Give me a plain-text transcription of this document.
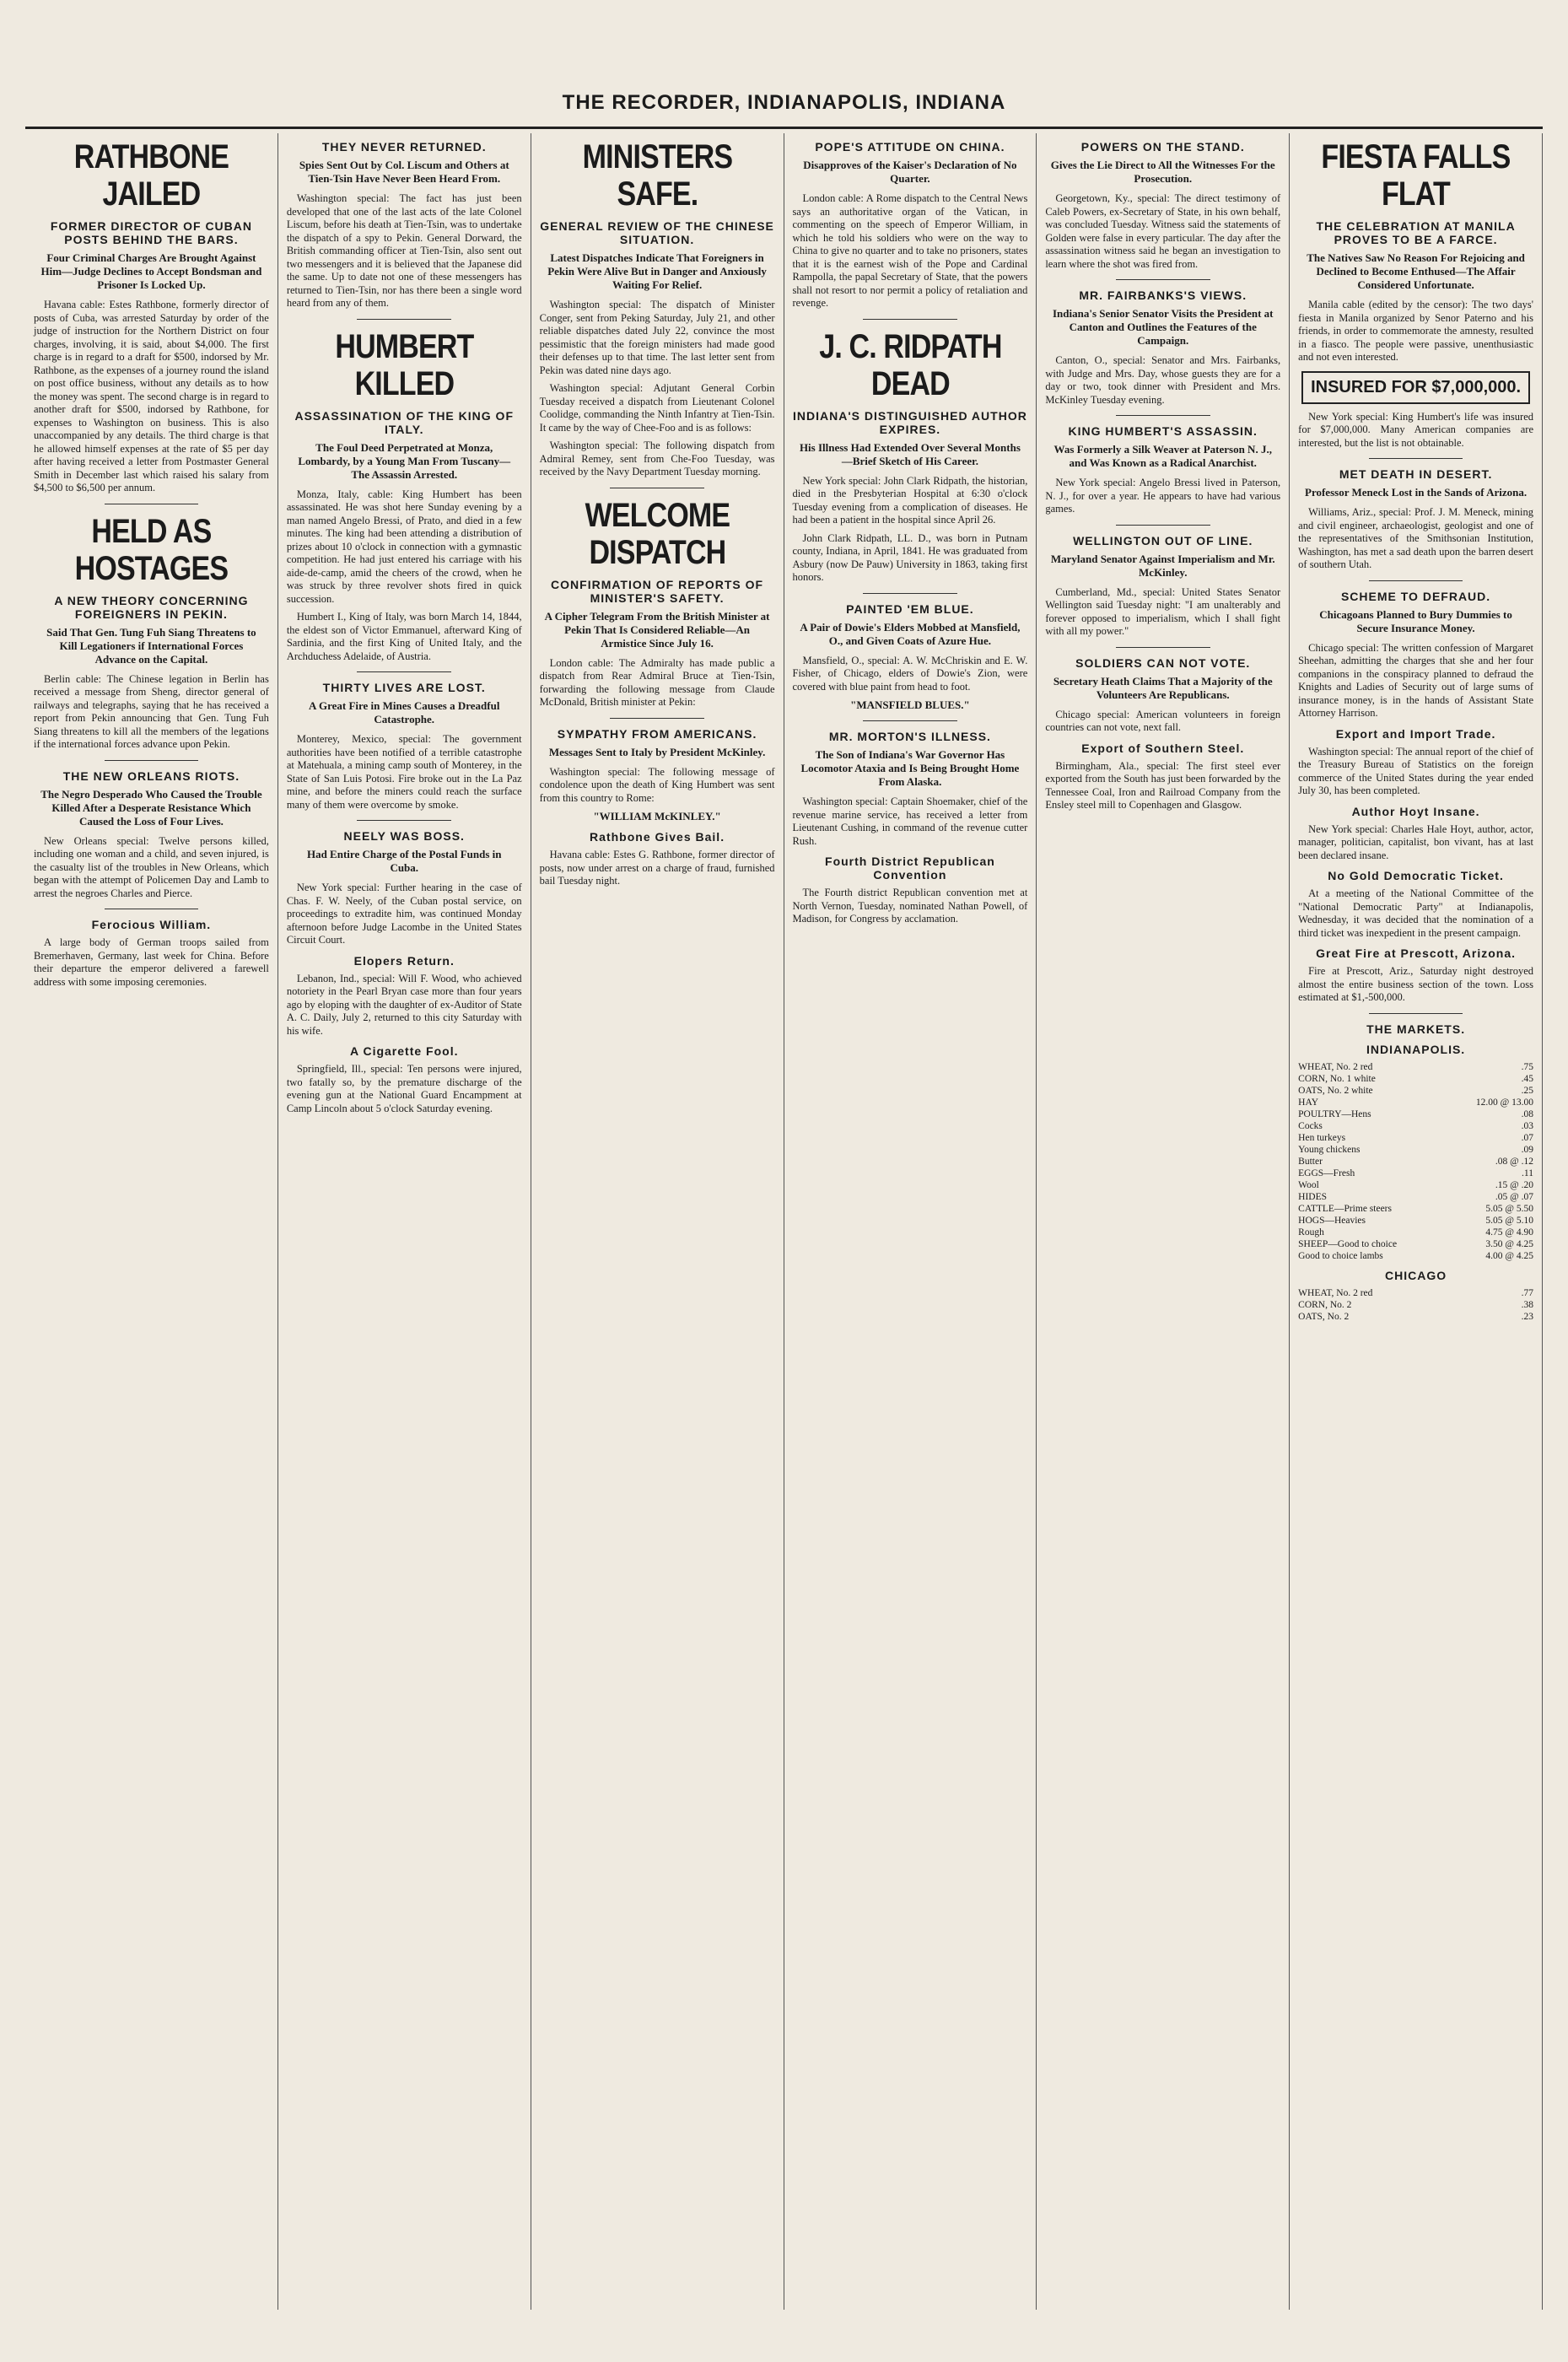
THE RECORDER, INDIANAPOLIS, INDIANA
RATHBONE JAILED
FORMER DIRECTOR OF CUBAN POSTS BEHIND THE BARS.
Four Criminal Charges Are Brought Against Him—Judge Declines to Accept Bondsman and Prisoner Is Locked Up.

Havana cable: Estes Rathbone, formerly director of posts of Cuba, was arrested Saturday by order of the judge of instruction for the Northern District on four charges, involving, it is said, about $4,000. The first charge is in regard to a draft for $500, indorsed by Mr. Rathbone, as the expenses of a journey round the island on post office business, without any details as to how the money was spent. The second charge is in regard to another draft for $500, indorsed by Rathbone, for expenses to Washington on business. This is also unaccompanied by any details. The third charge is that he allowed himself expenses at the rate of $5 per day after having received a letter from Postmaster General Smith in December last which raised his salary from $4,500 to $6,500 per annum.

HELD AS HOSTAGES
A NEW THEORY CONCERNING FOREIGNERS IN PEKIN.
Said That Gen. Tung Fuh Siang Threatens to Kill Legationers if International Forces Advance on the Capital.

Berlin cable: The Chinese legation in Berlin has received a message from Sheng, director general of railways and telegraphs, saying that he has received a report from Pekin announcing that Gen. Tung Fuh Siang threatens to kill all the members of the legations if the international forces advance upon Pekin.

THE NEW ORLEANS RIOTS.
The Negro Desperado Who Caused the Trouble Killed After a Desperate Resistance Which Caused the Loss of Four Lives.

New Orleans special: Twelve persons killed, including one woman and a child, and seven injured, is the casualty list of the troubles in New Orleans, which began with the attempt of Policemen Day and Lamb to arrest the negroes Charles and Pierce.

Ferocious William.

A large body of German troops sailed from Bremerhaven, Germany, last week for China. Before their departure the emperor delivered a farewell address with some imposing ceremonies.

THEY NEVER RETURNED.
Spies Sent Out by Col. Liscum and Others at Tien-Tsin Have Never Been Heard From.

Washington special: The fact has just been developed that one of the last acts of the late Colonel Liscum, before his death at Tien-Tsin, was to undertake the dispatch of a spy to Pekin. General Dorward, the British commanding officer at Tien-Tsin, also sent out two messengers and it is believed that the Japanese did the same. Up to date not one of these messengers has returned to Tien-Tsin, nor has there been a single word heard from any of them.

HUMBERT KILLED
ASSASSINATION OF THE KING OF ITALY.
The Foul Deed Perpetrated at Monza, Lombardy, by a Young Man From Tuscany—The Assassin Arrested.

Monza, Italy, cable: King Humbert has been assassinated. He was shot here Sunday evening by a man named Angelo Bressi, of Prato, and died in a few minutes. The king had been attending a distribution of prizes about 10 o'clock in connection with a gymnastic competition. He had just entered his carriage with his aide-de-camp, amid the cheers of the crowd, when he was struck by three revolver shots fired in quick succession.

Humbert I., King of Italy, was born March 14, 1844, the eldest son of Victor Emmanuel, afterward King of Sardinia, and the first King of United Italy, and the Archduchess Adelaide, of Austria.

THIRTY LIVES ARE LOST.
A Great Fire in Mines Causes a Dreadful Catastrophe.

Monterey, Mexico, special: The government authorities have been notified of a terrible catastrophe at Matehuala, a mining camp south of Monterey, in the State of San Luis Potosi. Fire broke out in the La Paz mine, and before the miners could reach the surface many of them were overcome by smoke.

NEELY WAS BOSS.
Had Entire Charge of the Postal Funds in Cuba.

New York special: Further hearing in the case of Chas. F. W. Neely, of the Cuban postal service, on proceedings to extradite him, was continued Monday afternoon before Judge Lacombe in the United States Circuit Court.

Elopers Return.

Lebanon, Ind., special: Will F. Wood, who achieved notoriety in the Pearl Bryan case more than four years ago by eloping with the daughter of ex-Auditor of State A. C. Daily, July 2, returned to this city Saturday with his wife.

A Cigarette Fool.

Springfield, Ill., special: Ten persons were injured, two fatally so, by the premature discharge of the evening gun at the National Guard Encampment at Camp Lincoln about 5 o'clock Saturday evening.

MINISTERS SAFE.
GENERAL REVIEW OF THE CHINESE SITUATION.
Latest Dispatches Indicate That Foreigners in Pekin Were Alive But in Danger and Anxiously Waiting For Relief.

Washington special: The dispatch of Minister Conger, sent from Peking Saturday, July 21, and other reliable dispatches dated July 22, convince the most pessimistic that the foreign ministers had made good their defenses up to that time. The last letter sent from Pekin was dated nine days ago.

Washington special: Adjutant General Corbin Tuesday received a dispatch from Lieutenant Colonel Coolidge, commanding the Ninth Infantry at Tien-Tsin. It came by the way of Chee-Foo and is as follows:

Washington special: The following dispatch from Admiral Remey, sent from Che-Foo Tuesday, was received by the Navy Department Tuesday morning.

WELCOME DISPATCH
CONFIRMATION OF REPORTS OF MINISTER'S SAFETY.
A Cipher Telegram From the British Minister at Pekin That Is Considered Reliable—An Armistice Since July 16.

London cable: The Admiralty has made public a dispatch from Rear Admiral Bruce at Tien-Tsin, forwarding the following message from Claude McDonald, British minister at Pekin:

SYMPATHY FROM AMERICANS.
Messages Sent to Italy by President McKinley.

Washington special: The following message of condolence upon the death of King Humbert was sent from this country to Rome:

"WILLIAM McKINLEY."
Rathbone Gives Bail.

Havana cable: Estes G. Rathbone, former director of posts, now under arrest on a charge of fraud, furnished bail Tuesday night.

POPE'S ATTITUDE ON CHINA.
Disapproves of the Kaiser's Declaration of No Quarter.

London cable: A Rome dispatch to the Central News says an authoritative organ of the Vatican, in commenting on the speech of Emperor William, in which he told his soldiers who were on the way to China to give no quarter and to take no prisoners, states that it is the earnest wish of the Pope and Cardinal Rampolla, the papal Secretary of State, that the powers shall not resort to nor permit a policy of retaliation and revenge.

J. C. RIDPATH DEAD
INDIANA'S DISTINGUISHED AUTHOR EXPIRES.
His Illness Had Extended Over Several Months—Brief Sketch of His Career.

New York special: John Clark Ridpath, the historian, died in the Presbyterian Hospital at 6:30 o'clock Tuesday evening from a complication of diseases. He had been a patient in the hospital since April 26.

John Clark Ridpath, LL. D., was born in Putnam county, Indiana, in April, 1841. He was graduated from Asbury (now De Pauw) University in 1863, taking first honors.

PAINTED 'EM BLUE.
A Pair of Dowie's Elders Mobbed at Mansfield, O., and Given Coats of Azure Hue.

Mansfield, O., special: A. W. McChriskin and E. W. Fisher, of Chicago, elders of Dowie's Zion, were covered with blue paint from head to foot.

"MANSFIELD BLUES."
MR. MORTON'S ILLNESS.
The Son of Indiana's War Governor Has Locomotor Ataxia and Is Being Brought Home From Alaska.

Washington special: Captain Shoemaker, chief of the revenue marine service, has received a letter from Lieutenant Cushing, in command of the revenue cutter Rush.

Fourth District Republican Convention

The Fourth district Republican convention met at North Vernon, Tuesday, nominated Nathan Powell, of Madison, for Congress by acclamation.

POWERS ON THE STAND.
Gives the Lie Direct to All the Witnesses For the Prosecution.

Georgetown, Ky., special: The direct testimony of Caleb Powers, ex-Secretary of State, in his own behalf, was concluded Tuesday. Witness said the statements of Golden were false in every particular. The day after the assassination witness said he began an investigation to learn where the shot was fired from.

MR. FAIRBANKS'S VIEWS.
Indiana's Senior Senator Visits the President at Canton and Outlines the Features of the Campaign.

Canton, O., special: Senator and Mrs. Fairbanks, with Judge and Mrs. Day, whose guests they are for a day or two, took dinner with President and Mrs. McKinley Tuesday evening.

KING HUMBERT'S ASSASSIN.
Was Formerly a Silk Weaver at Paterson N. J., and Was Known as a Radical Anarchist.

New York special: Angelo Bressi lived in Paterson, N. J., for over a year. He appears to have had various games.

WELLINGTON OUT OF LINE.
Maryland Senator Against Imperialism and Mr. McKinley.

Cumberland, Md., special: United States Senator Wellington said Tuesday night: "I am unalterably and forever opposed to imperialism, which I shall fight with all my power."

SOLDIERS CAN NOT VOTE.
Secretary Heath Claims That a Majority of the Volunteers Are Republicans.

Chicago special: American volunteers in foreign countries can not vote, next fall.

Export of Southern Steel.

Birmingham, Ala., special: The first steel ever exported from the South has just been forwarded by the Tennessee Coal, Iron and Railroad Company from the Ensley steel mill to Copenhagen and Glasgow.

FIESTA FALLS FLAT
THE CELEBRATION AT MANILA PROVES TO BE A FARCE.
The Natives Saw No Reason For Rejoicing and Declined to Become Enthused—The Affair Considered Unfortunate.

Manila cable (edited by the censor): The two days' fiesta in Manila organized by Senor Paterno and his friends, in order to commemorate the amnesty, resulted in a fiasco. The people were passive, unenthusiastic and not even interested.

INSURED FOR $7,000,000.

New York special: King Humbert's life was insured for $7,000,000. Many American companies are interested, but the list is not obtainable.

MET DEATH IN DESERT.
Professor Meneck Lost in the Sands of Arizona.

Williams, Ariz., special: Prof. J. M. Meneck, mining and civil engineer, archaeologist, geologist and one of the representatives of the Smithsonian Institution, Washington, has met a sad death upon the barren desert of southern Utah.

SCHEME TO DEFRAUD.
Chicagoans Planned to Bury Dummies to Secure Insurance Money.

Chicago special: The written confession of Margaret Sheehan, admitting the charges that she and her four companions in the conspiracy planned to defraud the Knights and Ladies of Security out of large sums of insurance money, is in the hands of Assistant State Attorney Harrison.

Export and Import Trade.

Washington special: The annual report of the chief of the Treasury Bureau of Statistics on the foreign commerce of the United States during the year ended July 30, has been completed.

Author Hoyt Insane.

New York special: Charles Hale Hoyt, author, actor, manager, politician, capitalist, bon vivant, has at last been declared insane.

No Gold Democratic Ticket.

At a meeting of the National Committee of the "National Democratic Party" at Indianapolis, Wednesday, it was decided that the nomination of a third ticket was inexpedient in the present campaign.

Great Fire at Prescott, Arizona.

Fire at Prescott, Ariz., Saturday night destroyed almost the entire business section of the town. Loss estimated at $1,-500,000.

THE MARKETS.
INDIANAPOLIS.
WHEAT, No. 2 red	.75
CORN, No. 1 white	.45
OATS, No. 2 white	.25
HAY	12.00 @ 13.00
POULTRY—Hens	.08
Cocks	.03
Hen turkeys	.07
Young chickens	.09
Butter	.08 @ .12
EGGS—Fresh	.11
Wool	.15 @ .20
HIDES	.05 @ .07
CATTLE—Prime steers	5.05 @ 5.50
HOGS—Heavies	5.05 @ 5.10
Rough	4.75 @ 4.90
SHEEP—Good to choice	3.50 @ 4.25
Good to choice lambs	4.00 @ 4.25
CHICAGO
WHEAT, No. 2 red	.77
CORN, No. 2	.38
OATS, No. 2	.23
